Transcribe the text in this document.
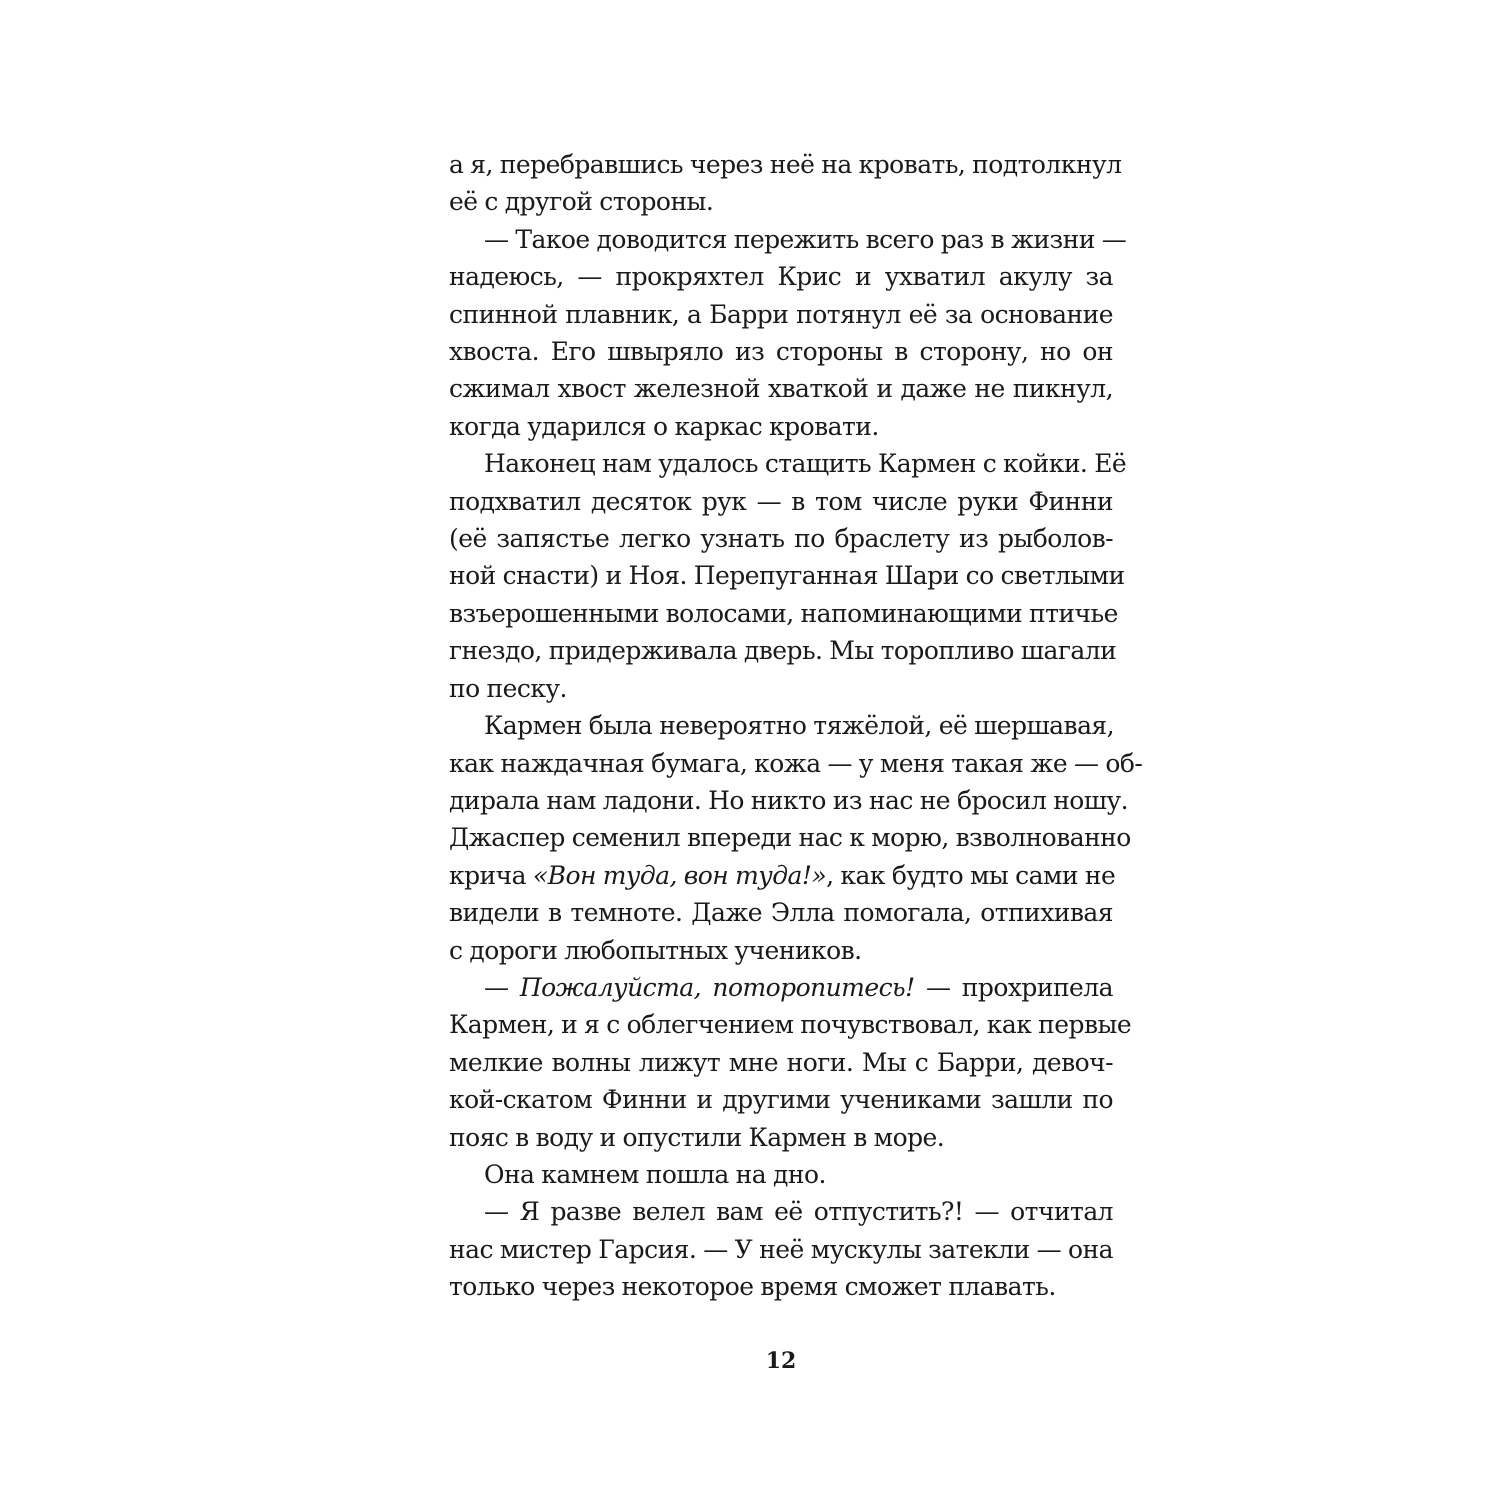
а я, перебравшись через неё на кровать, подтолкнул
её с другой стороны.
— Такое доводится пережить всего раз в жизни —
надеюсь, — прокряхтел Крис и ухватил акулу за
спинной плавник, а Барри потянул её за основание
хвоста. Его швыряло из стороны в сторону, но он
сжимал хвост железной хваткой и даже не пикнул,
когда ударился о каркас кровати.
Наконец нам удалось стащить Кармен с койки. Её
подхватил десяток рук — в том числе руки Финни
(её запястье легко узнать по браслету из рыболов-
ной снасти) и Ноя. Перепуганная Шари со светлыми
взъерошенными волосами, напоминающими птичье
гнездо, придерживала дверь. Мы торопливо шагали
по песку.
Кармен была невероятно тяжёлой, её шершавая,
как наждачная бумага, кожа — у меня такая же — об-
дирала нам ладони. Но никто из нас не бросил ношу.
Джаспер семенил впереди нас к морю, взволнованно
крича «Вон туда, вон туда!», как будто мы сами не
видели в темноте. Даже Элла помогала, отпихивая
с дороги любопытных учеников.
— Пожалуйста, поторопитесь! — прохрипела
Кармен, и я с облегчением почувствовал, как первые
мелкие волны лижут мне ноги. Мы с Барри, девоч-
кой-скатом Финни и другими учениками зашли по
пояс в воду и опустили Кармен в море.
Она камнем пошла на дно.
— Я разве велел вам её отпустить?! — отчитал
нас мистер Гарсия. — У неё мускулы затекли — она
только через некоторое время сможет плавать.
12
